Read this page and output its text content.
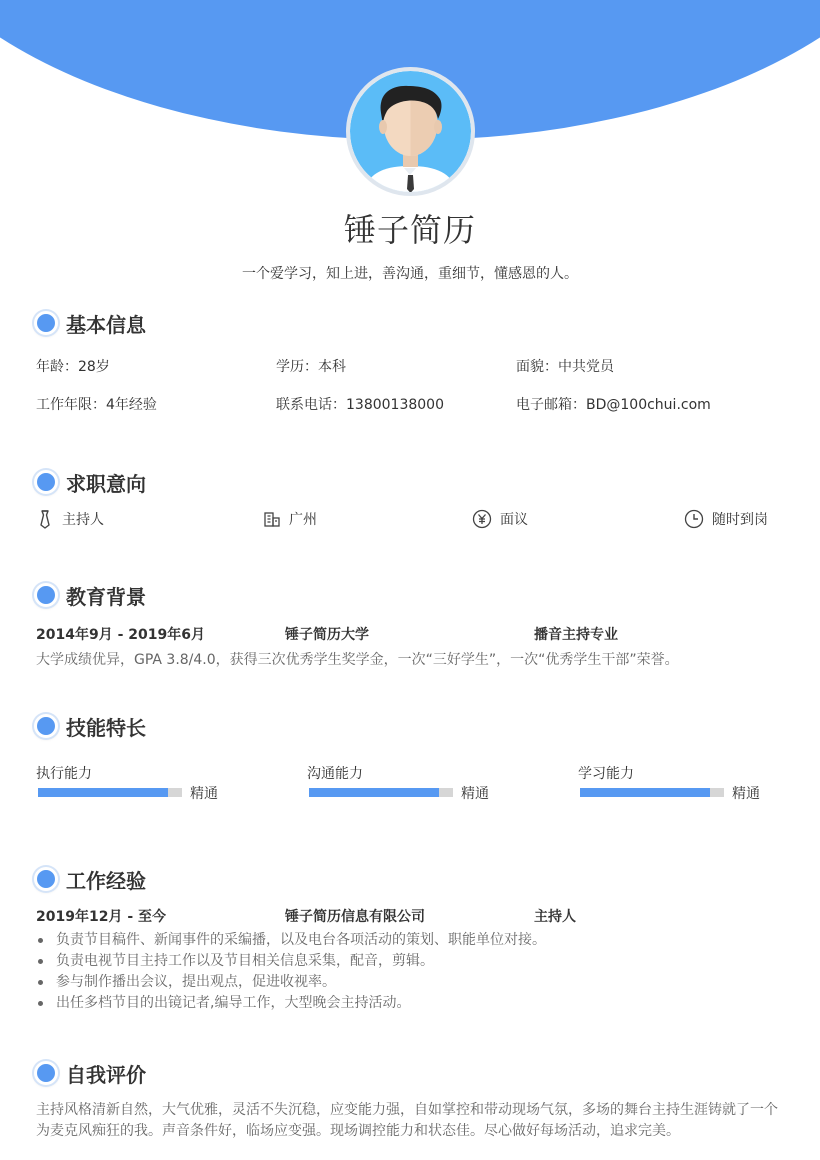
锤子简历
一个爱学习，知上进，善沟通，重细节，懂感恩的人。
基本信息
年龄：28岁	学历：本科	面貌：中共党员
工作年限：4年经验	联系电话：13800138000	电子邮箱：BD@100chui.com
求职意向
主持人	广州	面议	随时到岗
教育背景
2014年9月 - 2019年6月	锤子简历大学	播音主持专业

大学成绩优异，GPA 3.8/4.0，获得三次优秀学生奖学金，一次“三好学生”，一次“优秀学生干部”荣誉。

技能特长
执行能力
精通
沟通能力
精通
学习能力
精通
工作经验
2019年12月 - 至今	锤子简历信息有限公司	主持人
负责节目稿件、新闻事件的采编播，以及电台各项活动的策划、职能单位对接。
负责电视节目主持工作以及节目相关信息采集，配音，剪辑。
参与制作播出会议，提出观点，促进收视率。
出任多档节目的出镜记者,编导工作，大型晚会主持活动。
自我评价

主持风格清新自然，大气优雅，灵活不失沉稳，应变能力强，自如掌控和带动现场气氛，多场的舞台主持生涯铸就了一个为麦克风痴狂的我。声音条件好，临场应变强。现场调控能力和状态佳。尽心做好每场活动，追求完美。
